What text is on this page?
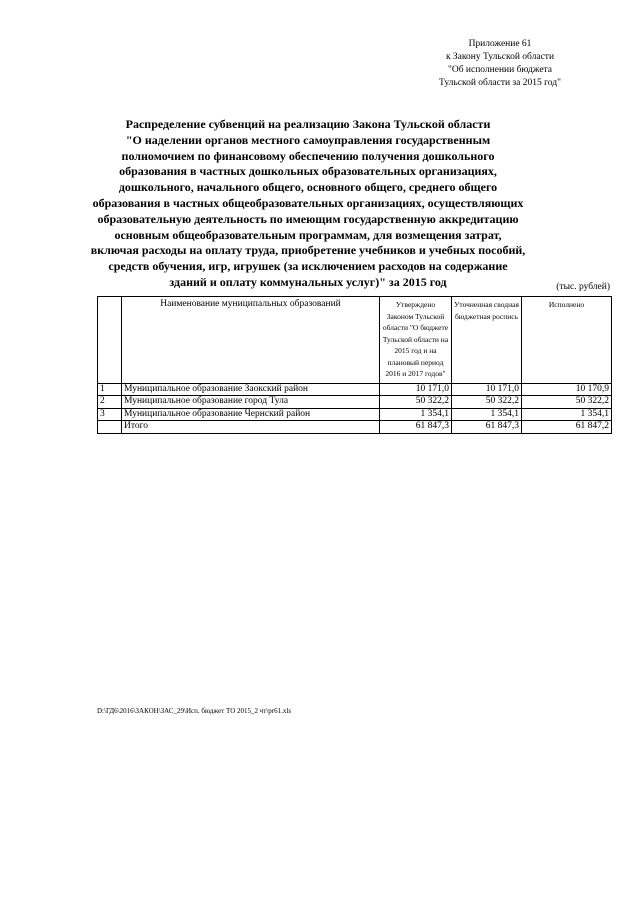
Приложение 61
к Закону Тульской области
"Об исполнении бюджета
Тульской области за 2015 год"
Распределение субвенций на реализацию Закона Тульской области
"О наделении органов местного самоуправления государственным
полномочием по финансовому обеспечению получения дошкольного
образования в частных дошкольных образовательных организациях,
дошкольного, начального общего, основного общего, среднего общего
образования в частных общеобразовательных организациях, осуществляющих
образовательную деятельность по имеющим государственную аккредитацию
основным общеобразовательным программам, для возмещения затрат,
включая расходы на оплату труда, приобретение учебников и учебных пособий,
средств обучения, игр, игрушек (за исключением расходов на содержание
зданий и оплату коммунальных услуг)" за 2015 год	(тыс. рублей)
	Наименование муниципальных образований	Утверждено Законом Тульской области "О бюджете Тульской области на 2015 год и на плановый период 2016 и 2017 годов"	Уточненная сводная бюджетная роспись	Исполнено
1	Муниципальное образование Заокский район	10 171,0	10 171,0	10 170,9
2	Муниципальное образование город Тула	50 322,2	50 322,2	50 322,2
3	Муниципальное образование Чернский район	1 354,1	1 354,1	1 354,1
	Итого	61 847,3	61 847,3	61 847,2
D:\ГД6\2016\ЗАКОН\ЗАС_29\Исп. бюджет ТО 2015_2 чт\pr61.xls
